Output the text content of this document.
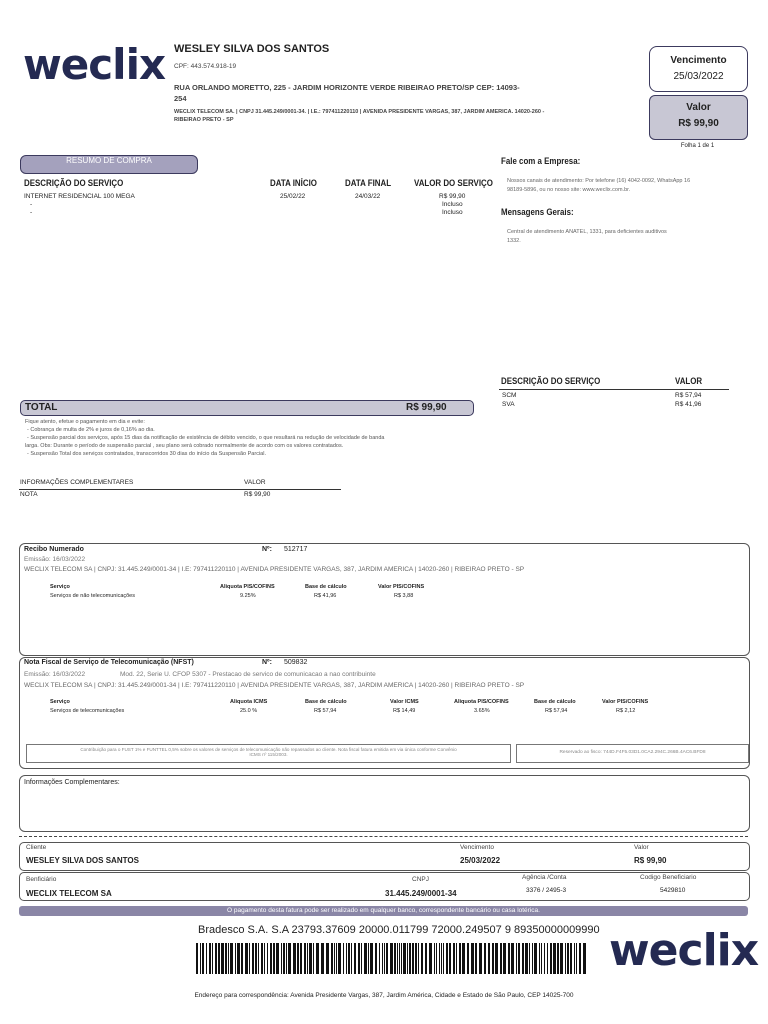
weclix WESLEY SILVA DOS SANTOS
CPF: 443.574.918-19
RUA ORLANDO MORETTO, 225 - JARDIM HORIZONTE VERDE RIBEIRAO PRETO/SP CEP: 14093-
254
WECLIX TELECOM SA. | CNPJ 31.445.249/0001-34. | I.E.: 797411220110 | AVENIDA PRESIDENTE VARGAS, 387, JARDIM AMERICA. 14020-260 -
RIBEIRAO PRETO - SP
Vencimento
25/03/2022
Valor
R$ 99,90
Folha 1 de 1
RESUMO DE COMPRA
DESCRIÇÃO DO SERVIÇO	DATA INÍCIO	DATA FINAL	VALOR DO SERVIÇO
INTERNET RESIDENCIAL 100 MEGA	25/02/22	24/03/22	R$ 99,90
-	Incluso
-	Incluso
Fale com a Empresa:
Nossos canais de atendimento: Por telefone (16) 4042-0092, WhatsApp 16
98189-5896, ou no nosso site: www.weclix.com.br.
Mensagens Gerais:
Central de atendimento ANATEL, 1331, para deficientes auditivos
1332.
DESCRIÇÃO DO SERVIÇO	VALOR
SCM	R$ 57,94
SVA	R$ 41,96
TOTAL	R$ 99,90
Fique atento, efetue o pagamento em dia e evite:
- Cobrança de multa de 2% e juros de 0,16% ao dia.
- Suspensão parcial dos serviços, após 15 dias da notificação de existência de débito vencido, o que resultará na redução de velocidade de banda
larga. Obs: Durante o período de suspensão parcial , seu plano será cobrado normalmente de acordo com os valores contratados.
- Suspensão Total dos serviços contratados, transcorridos 30 dias do início da Suspensão Parcial.
INFORMAÇÕES COMPLEMENTARES	VALOR
NOTA	R$ 99,90
Recibo Numerado	Nº: 512717
Emissão: 16/03/2022
WECLIX TELECOM SA | CNPJ: 31.445.249/0001-34 | I.E: 797411220110 | AVENIDA PRESIDENTE VARGAS, 387, JARDIM AMERICA | 14020-260 | RIBEIRAO PRETO - SP
Serviço	Aliquota PIS/COFINS	Base de cálculo	Valor PIS/COFINS
Serviços de não telecomunicações	9.25%	R$ 41,96	R$ 3,88
Nota Fiscal de Serviço de Telecomunicação (NFST)	Nº: 509832
Emissão: 16/03/2022	Mod. 22, Serie U. CFOP 5307 - Prestacao de servico de comunicacao a nao contribuinte
WECLIX TELECOM SA | CNPJ: 31.445.249/0001-34 | I.E: 797411220110 | AVENIDA PRESIDENTE VARGAS, 387, JARDIM AMERICA | 14020-260 | RIBEIRAO PRETO - SP
Serviço	Aliquota ICMS	Base de cálculo	Valor ICMS	Aliquota PIS/COFINS	Base de cálculo	Valor PIS/COFINS
Serviços de telecomunicações	25.0 %	R$ 57,94	R$ 14,49	3.65%	R$ 57,94	R$ 2,12
Contribuição para o FUST 1% e FUNTTEL 0,5% sobre os valores de serviços de telecomunicação não repassados ao cliente. Nota fiscal fatura emitida em via única conforme Convênio
ICMS nº 115/2003.	Reservado ao fisco: 744D.F4F5.03D1.0CA2.294C.266B.4AC6.BFD8
Informações Complementares:
Cliente
WESLEY SILVA DOS SANTOS
Vencimento
25/03/2022
Valor
R$ 99,90
Benficiário
WECLIX TELECOM SA
CNPJ
31.445.249/0001-34
Agência /Conta
3376 / 2495-3
Codigo Beneficiario
5429810
O pagamento desta fatura pode ser realizado em qualquer banco, correspondente bancário ou casa lotérica.
Bradesco S.A. S.A 23793.37609 20000.011799 72000.249507 9 89350000009990 weclix
Endereço para correspondência: Avenida Presidente Vargas, 387, Jardim América, Cidade e Estado de São Paulo, CEP 14025-700
